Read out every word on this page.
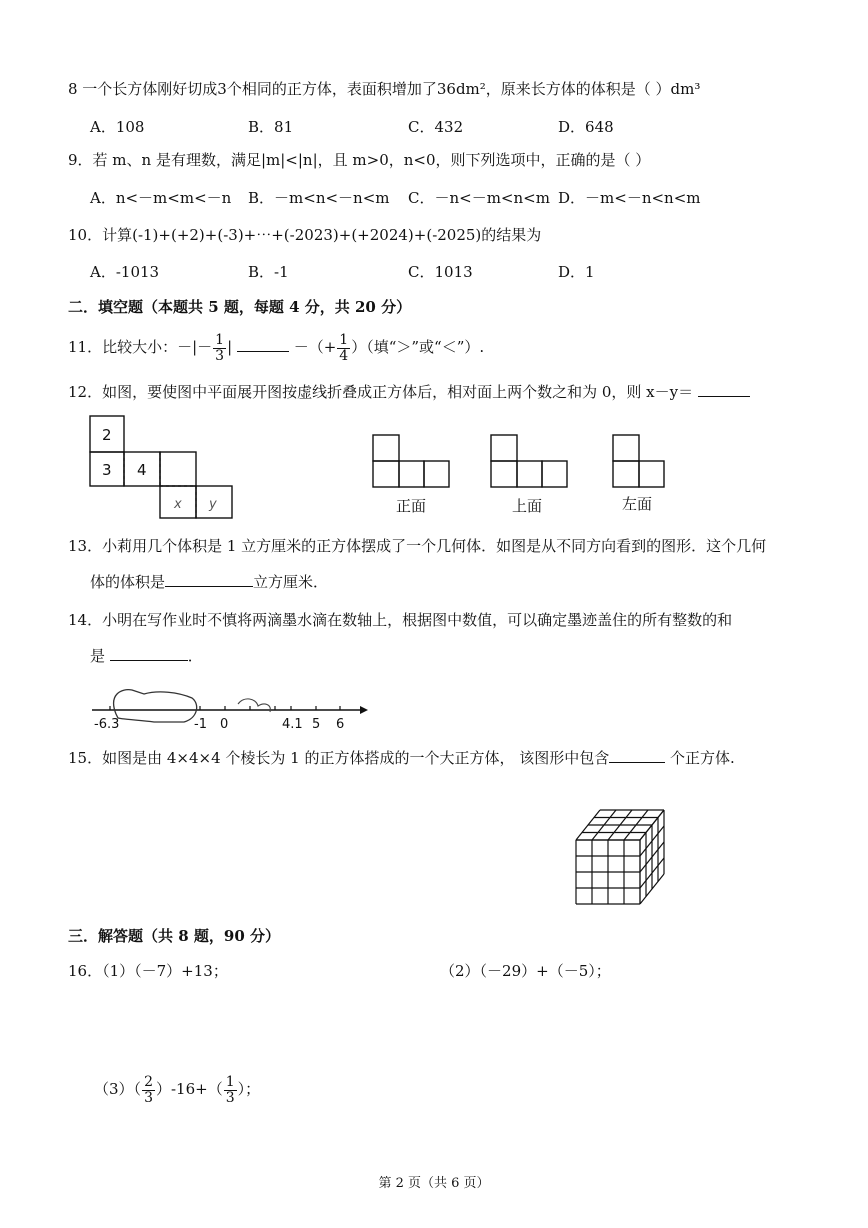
8 一个长方体刚好切成3个相同的正方体，表面积增加了36dm²，原来长方体的体积是（ ）dm³
A．108	B．81	C．432	D．648
9．若 m、n 是有理数，满足|m|<|n|，且 m>0，n<0，则下列选项中，正确的是（ ）
A．n<－m<m<－n B．－m<n<－n<m C．－n<－m<n<m D．－m<－n<n<m
10．计算(-1)+(+2)+(-3)+⋯+(-2023)+(+2024)+(-2025)的结果为
A．-1013	B．-1	C．1013	D．1
二．填空题（本题共 5 题，每题 4 分，共 20 分）
11．比较大小：－|－ $\frac{1}{3}$ |	－（+ $\frac{1}{4}$ ）（填“＞”或“＜”）.
12．如图，要使图中平面展开图按虚线折叠成正方体后，相对面上两个数之和为 0，则 x－y＝
2
3 4
x y	正面	上面	左面
13．小莉用几个体积是 1 立方厘米的正方体摆成了一个几何体．如图是从不同方向看到的图形．这个几何
体的体积是	立方厘米．
14．小明在写作业时不慎将两滴墨水滴在数轴上，根据图中数值，可以确定墨迹盖住的所有整数的和
是	．
-6.3	-1 0	4.1 5 6
15．如图是由 4×4×4 个棱长为 1 的正方体搭成的一个大正方体， 该图形中包含	个正方体.
三．解答题（共 8 题，90 分）
16．（1）（－7）+13；	（2）（－29）+（－5）；
$(3)( \frac{2}{3} )-16+( \frac{1}{3}$ ）；
第 2 页（共 6 页）
